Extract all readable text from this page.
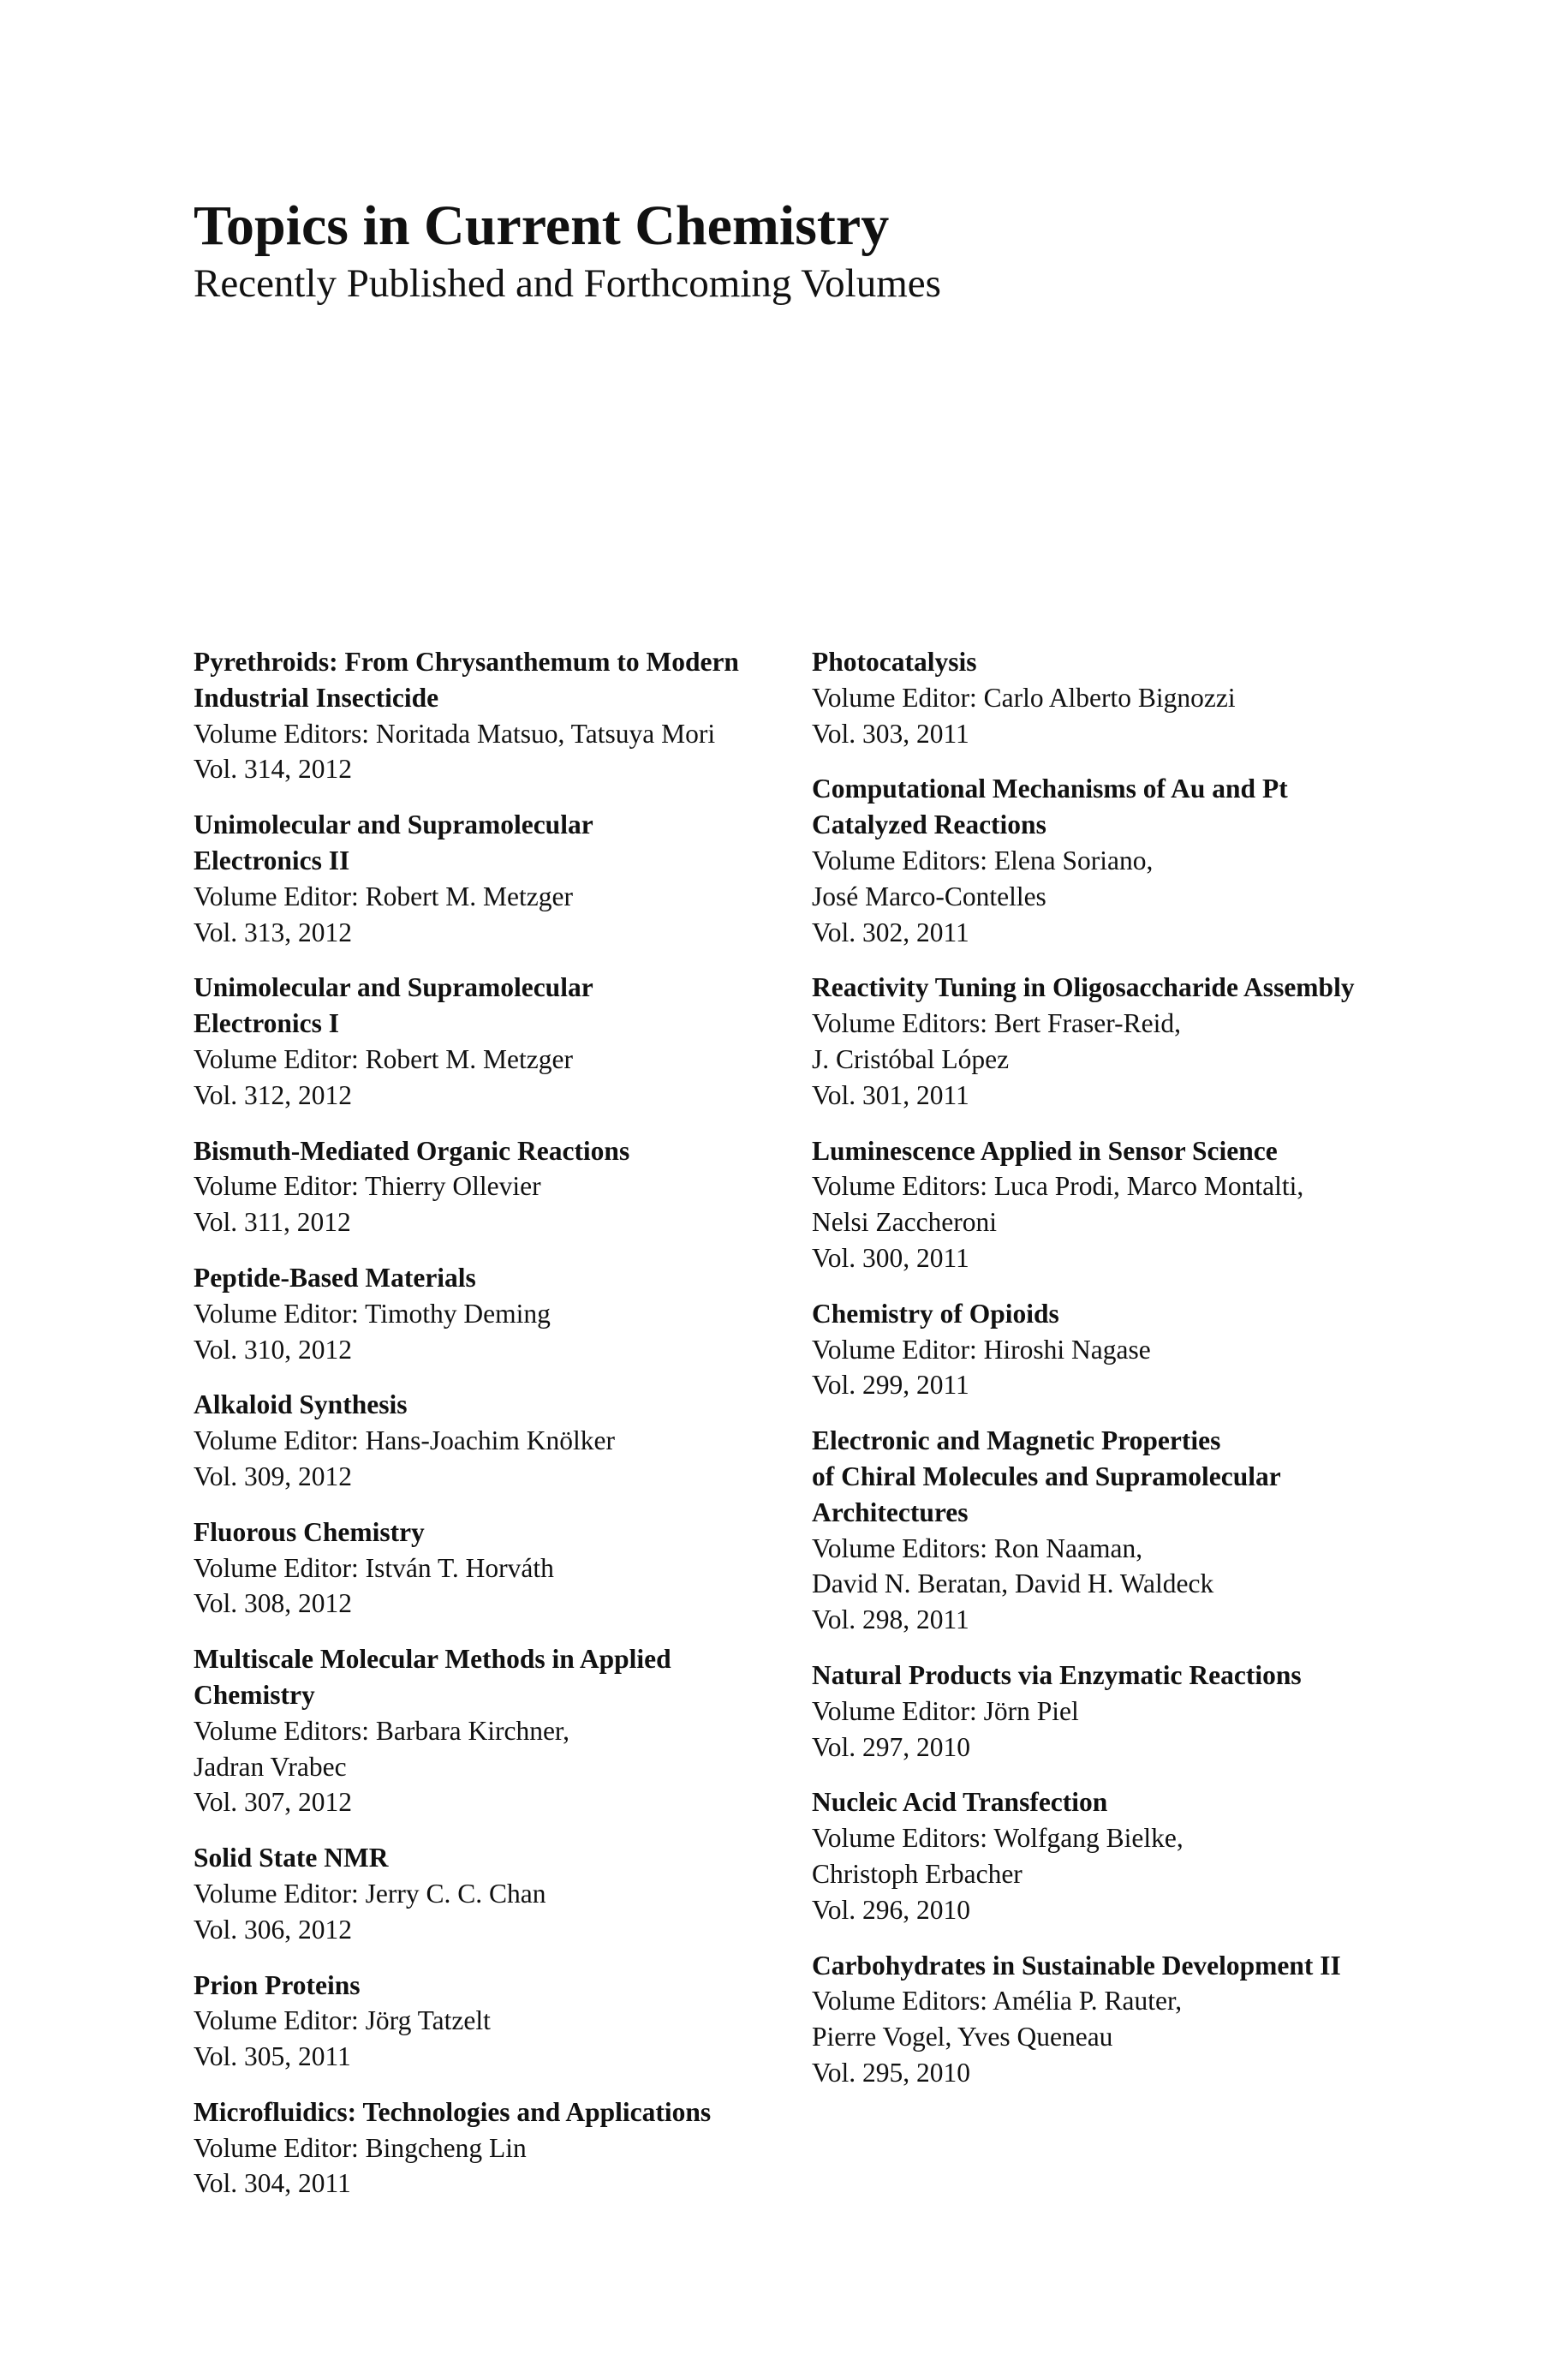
Topics in Current Chemistry
Recently Published and Forthcoming Volumes
Pyrethroids: From Chrysanthemum to Modern
Industrial Insecticide
Volume Editors: Noritada Matsuo, Tatsuya Mori
Vol. 314, 2012
Unimolecular and Supramolecular
Electronics II
Volume Editor: Robert M. Metzger
Vol. 313, 2012
Unimolecular and Supramolecular
Electronics I
Volume Editor: Robert M. Metzger
Vol. 312, 2012
Bismuth-Mediated Organic Reactions
Volume Editor: Thierry Ollevier
Vol. 311, 2012
Peptide-Based Materials
Volume Editor: Timothy Deming
Vol. 310, 2012
Alkaloid Synthesis
Volume Editor: Hans-Joachim Knölker
Vol. 309, 2012
Fluorous Chemistry
Volume Editor: István T. Horváth
Vol. 308, 2012
Multiscale Molecular Methods in Applied
Chemistry
Volume Editors: Barbara Kirchner,
Jadran Vrabec
Vol. 307, 2012
Solid State NMR
Volume Editor: Jerry C. C. Chan
Vol. 306, 2012
Prion Proteins
Volume Editor: Jörg Tatzelt
Vol. 305, 2011
Microfluidics: Technologies and Applications
Volume Editor: Bingcheng Lin
Vol. 304, 2011
Photocatalysis
Volume Editor: Carlo Alberto Bignozzi
Vol. 303, 2011
Computational Mechanisms of Au and Pt
Catalyzed Reactions
Volume Editors: Elena Soriano,
José Marco-Contelles
Vol. 302, 2011
Reactivity Tuning in Oligosaccharide Assembly
Volume Editors: Bert Fraser-Reid,
J. Cristóbal López
Vol. 301, 2011
Luminescence Applied in Sensor Science
Volume Editors: Luca Prodi, Marco Montalti,
Nelsi Zaccheroni
Vol. 300, 2011
Chemistry of Opioids
Volume Editor: Hiroshi Nagase
Vol. 299, 2011
Electronic and Magnetic Properties
of Chiral Molecules and Supramolecular
Architectures
Volume Editors: Ron Naaman,
David N. Beratan, David H. Waldeck
Vol. 298, 2011
Natural Products via Enzymatic Reactions
Volume Editor: Jörn Piel
Vol. 297, 2010
Nucleic Acid Transfection
Volume Editors: Wolfgang Bielke,
Christoph Erbacher
Vol. 296, 2010
Carbohydrates in Sustainable Development II
Volume Editors: Amélia P. Rauter,
Pierre Vogel, Yves Queneau
Vol. 295, 2010
